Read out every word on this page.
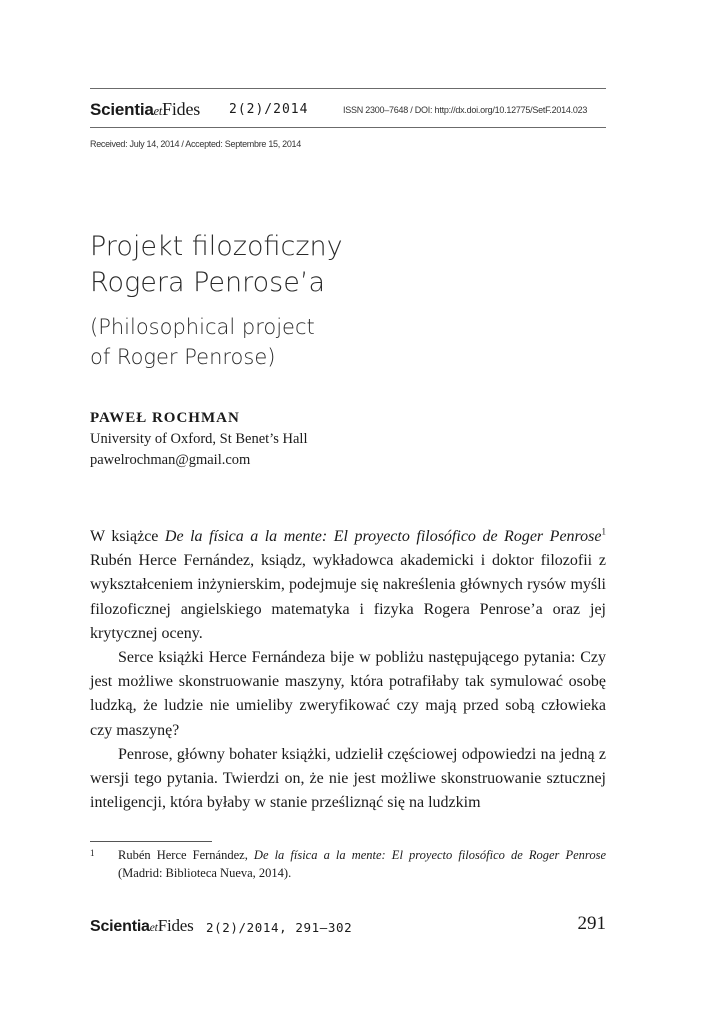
ScientiaetFides 2(2)/2014	ISSN 2300–7648 / DOI: http://dx.doi.org/10.12775/SetF.2014.023
Received: July 14, 2014 / Accepted: Septembre 15, 2014
Projekt filozoficzny
Rogera Penrose’a
(Philosophical project
of Roger Penrose)
PAWEŁ ROCHMAN
University of Oxford, St Benet’s Hall
pawelrochman@gmail.com

W książce De la física a la mente: El proyecto filosófico de Roger Penrose$^1$ Rubén Herce Fernández, ksiądz, wykładowca akademicki i doktor filozofii z wykształceniem inżynierskim, podejmuje się nakreślenia głównych rysów myśli filozoficznej angielskiego matematyka i fizyka Rogera Penrose’a oraz jej krytycznej oceny.

Serce książki Herce Fernándeza bije w pobliżu następującego pytania: Czy jest możliwe skonstruowanie maszyny, która potrafiłaby tak symulować osobę ludzką, że ludzie nie umieliby zweryfikować czy mają przed sobą człowieka czy maszynę?

Penrose, główny bohater książki, udzielił częściowej odpowiedzi na jedną z wersji tego pytania. Twierdzi on, że nie jest możliwe skonstruowanie sztucznej inteligencji, która byłaby w stanie prześliznąć się na ludzkim

1	Rubén Herce Fernández, De la física a la mente: El proyecto filosófico de Roger Penrose (Madrid: Biblioteca Nueva, 2014).
ScientiaetFides 2(2)/2014, 291–302	291
